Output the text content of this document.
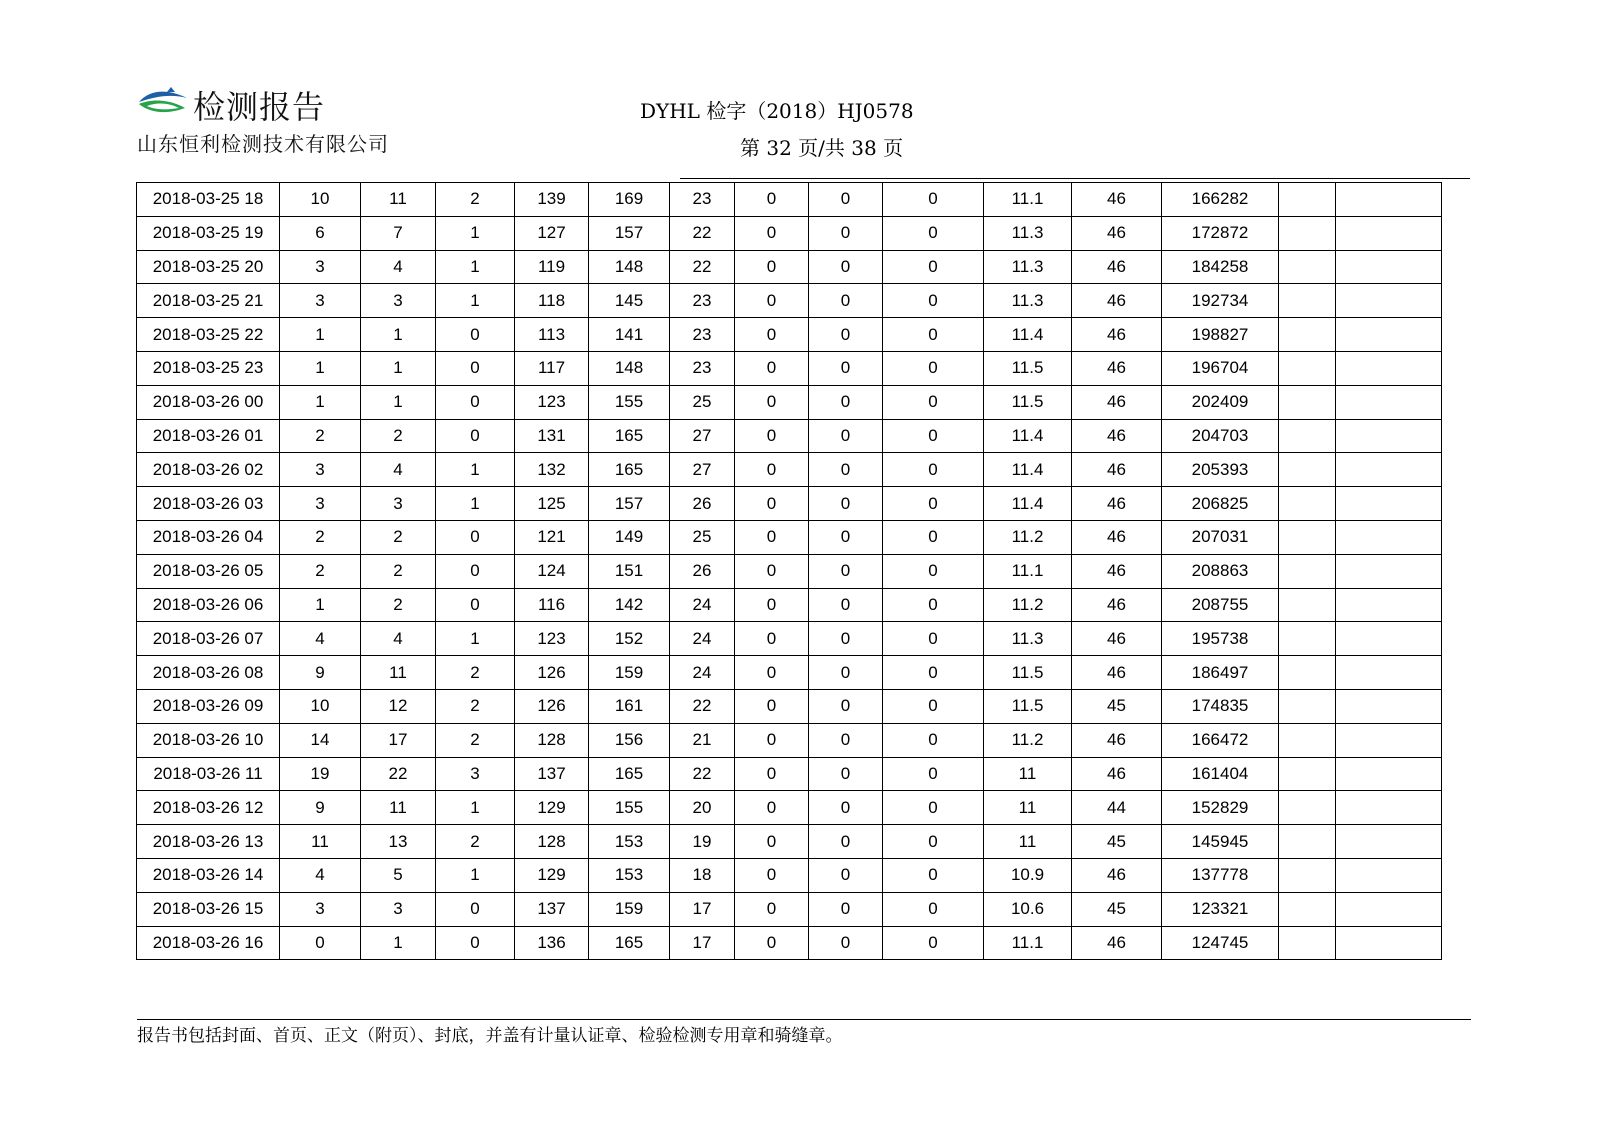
检测报告
山东恒利检测技术有限公司
DYHL 检字（2018）HJ0578
第 32 页/共 38 页
2018-03-25 18	10	11	2	139	169	23	0	0	0	11.1	46	166282		
2018-03-25 19	6	7	1	127	157	22	0	0	0	11.3	46	172872		
2018-03-25 20	3	4	1	119	148	22	0	0	0	11.3	46	184258		
2018-03-25 21	3	3	1	118	145	23	0	0	0	11.3	46	192734		
2018-03-25 22	1	1	0	113	141	23	0	0	0	11.4	46	198827		
2018-03-25 23	1	1	0	117	148	23	0	0	0	11.5	46	196704		
2018-03-26 00	1	1	0	123	155	25	0	0	0	11.5	46	202409		
2018-03-26 01	2	2	0	131	165	27	0	0	0	11.4	46	204703		
2018-03-26 02	3	4	1	132	165	27	0	0	0	11.4	46	205393		
2018-03-26 03	3	3	1	125	157	26	0	0	0	11.4	46	206825		
2018-03-26 04	2	2	0	121	149	25	0	0	0	11.2	46	207031		
2018-03-26 05	2	2	0	124	151	26	0	0	0	11.1	46	208863		
2018-03-26 06	1	2	0	116	142	24	0	0	0	11.2	46	208755		
2018-03-26 07	4	4	1	123	152	24	0	0	0	11.3	46	195738		
2018-03-26 08	9	11	2	126	159	24	0	0	0	11.5	46	186497		
2018-03-26 09	10	12	2	126	161	22	0	0	0	11.5	45	174835		
2018-03-26 10	14	17	2	128	156	21	0	0	0	11.2	46	166472		
2018-03-26 11	19	22	3	137	165	22	0	0	0	11	46	161404		
2018-03-26 12	9	11	1	129	155	20	0	0	0	11	44	152829		
2018-03-26 13	11	13	2	128	153	19	0	0	0	11	45	145945		
2018-03-26 14	4	5	1	129	153	18	0	0	0	10.9	46	137778		
2018-03-26 15	3	3	0	137	159	17	0	0	0	10.6	45	123321		
2018-03-26 16	0	1	0	136	165	17	0	0	0	11.1	46	124745		
报告书包括封面、首页、正文（附页）、封底，并盖有计量认证章、检验检测专用章和骑缝章。
